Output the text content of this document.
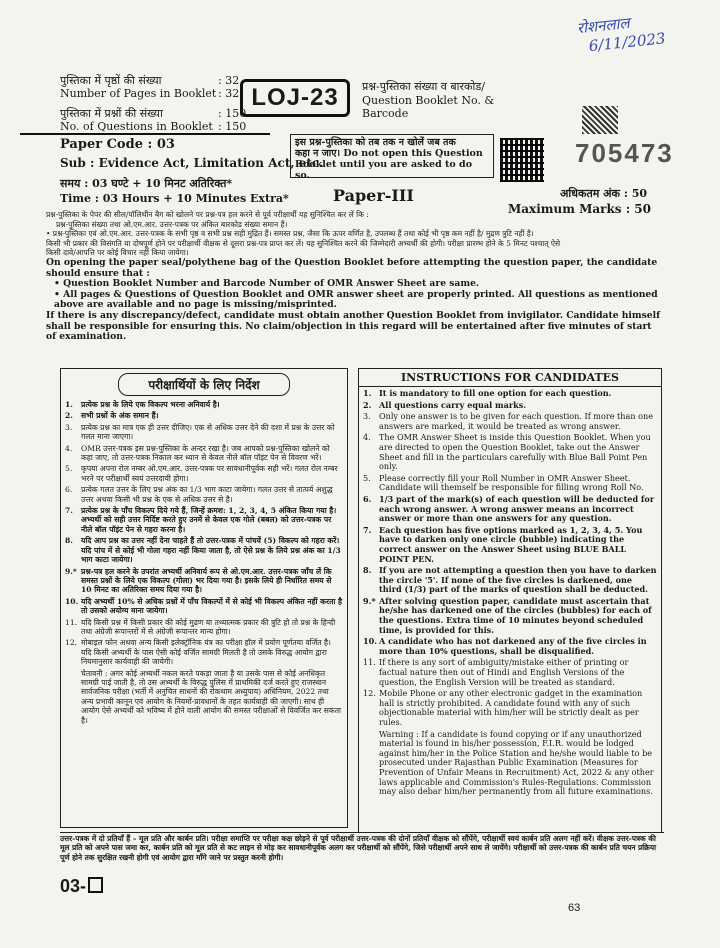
रोशनलाल
6/11/2023
पुस्तिका में पृष्ठों की संख्या	: 32
Number of Pages in Booklet : 32
पुस्तिका में प्रश्नों की संख्या	: 150
No. of Questions in Booklet : 150
LOJ-23	प्रश्न-पुस्तिका संख्या व बारकोड/
Question Booklet No. &
Barcode
Paper Code : 03
Sub : Evidence Act, Limitation Act, etc.
समय : 03 घण्टे + 10 मिनट अतिरिक्त*
Time : 03 Hours + 10 Minutes Extra*
इस प्रश्न-पुस्तिका को तब तक न खोलें जब तक
कहा न जाए। Do not open this Question
Booklet until you are asked to do so.
705473
Paper-III	अधिकतम अंक : 50
Maximum Marks : 50
प्रश्न-पुस्तिका के पेपर की सील/पॉलिथीन बैग को खोलने पर प्रश्न-पत्र हल करने से पूर्व परीक्षार्थी यह सुनिश्चित कर लें कि :
प्रश्न-पुस्तिका संख्या तथा ओ.एम.आर. उत्तर-पत्रक पर अंकित बारकोड संख्या समान हैं।
• प्रश्न-पुस्तिका एवं ओ.एम.आर. उत्तर-पत्रक के सभी पृष्ठ व सभी प्रश्न सही मुद्रित हैं। समस्त प्रश्न, जैसा कि ऊपर वर्णित है, उपलब्ध हैं तथा कोई भी पृष्ठ कम नहीं है/ मुद्रण त्रुटि नहीं है।
किसी भी प्रकार की विसंगति या दोषपूर्ण होने पर परीक्षार्थी वीक्षक से दूसरा प्रश्न-पत्र प्राप्त कर लें। यह सुनिश्चित करने की जिम्मेदारी अभ्यर्थी की होगी। परीक्षा प्रारम्भ होने के 5 मिनट पश्चात् ऐसे
किसी दावे/आपत्ति पर कोई विचार नहीं किया जायेगा।
On opening the paper seal/polythene bag of the Question Booklet before attempting the question paper, the candidate should ensure that :
• Question Booklet Number and Barcode Number of OMR Answer Sheet are same.
• All pages & Questions of Question Booklet and OMR answer sheet are properly printed. All questions as mentioned above are available and no page is missing/misprinted.
If there is any discrepancy/defect, candidate must obtain another Question Booklet from invigilator. Candidate himself shall be responsible for ensuring this. No claim/objection in this regard will be entertained after five minutes of start of examination.
परीक्षार्थियों के लिए निर्देश
1.	प्रत्येक प्रश्न के लिये एक विकल्प भरना अनिवार्य है।
2.	सभी प्रश्नों के अंक समान हैं।
3.	प्रत्येक प्रश्न का मात्र एक ही उत्तर दीजिए। एक से अधिक उत्तर देने की दशा में प्रश्न के उत्तर को गलत माना जाएगा।
4.	OMR उत्तर-पत्रक इस प्रश्न-पुस्तिका के अन्दर रखा है। जब आपको प्रश्न-पुस्तिका खोलने को कहा जाए, तो उत्तर-पत्रक निकाल कर ध्यान से केवल नीले बॉल पॉइंट पेन से विवरण भरें।
5.	कृपया अपना रोल नम्बर ओ.एम.आर. उत्तर-पत्रक पर सावधानीपूर्वक सही भरें। गलत रोल नम्बर भरने पर परीक्षार्थी स्वयं उत्तरदायी होगा।
6.	प्रत्येक गलत उत्तर के लिए प्रश्न अंक का 1/3 भाग काटा जायेगा। गलत उत्तर से तात्पर्य अशुद्ध उत्तर अथवा किसी भी प्रश्न के एक से अधिक उत्तर से है।
7.	प्रत्येक प्रश्न के पाँच विकल्प दिये गये हैं, जिन्हें क्रमश: 1, 2, 3, 4, 5 अंकित किया गया है। अभ्यर्थी को सही उत्तर निर्दिष्ट करते हुए उनमें से केवल एक गोले (बबल) को उत्तर-पत्रक पर नीले बॉल पॉइंट पेन से गहरा करना है।
8.	यदि आप प्रश्न का उत्तर नहीं देना चाहते हैं तो उत्तर-पत्रक में पांचवें (5) विकल्प को गहरा करें। यदि पांच में से कोई भी गोला गहरा नहीं किया जाता है, तो ऐसे प्रश्न के लिये प्रश्न अंक का 1/3 भाग काटा जायेगा।
9.* प्रश्न-पत्र हल करने के उपरांत अभ्यर्थी अनिवार्य रूप से ओ.एम.आर. उत्तर-पत्रक जाँच लें कि समस्त प्रश्नों के लिये एक विकल्प (गोला) भर दिया गया है। इसके लिये ही निर्धारित समय से 10 मिनट का अतिरिक्त समय दिया गया है।
10. यदि अभ्यर्थी 10% से अधिक प्रश्नों में पाँच विकल्पों में से कोई भी विकल्प अंकित नहीं करता है तो उसको अयोग्य माना जायेगा।
11. यदि किसी प्रश्न में किसी प्रकार की कोई मुद्रण या तथ्यात्मक प्रकार की त्रुटि हो तो प्रश्न के हिन्दी तथा अंग्रेजी रूपान्तरों में से अंग्रेजी रूपान्तर मान्य होगा।
12. मोबाइल फोन अथवा अन्य किसी इलेक्ट्रॉनिक यंत्र का परीक्षा हॉल में प्रयोग पूर्णतया वर्जित है। यदि किसी अभ्यर्थी के पास ऐसी कोई वर्जित सामग्री मिलती है तो उसके विरुद्ध आयोग द्वारा नियमानुसार कार्यवाही की जायेगी।
चेतावनी : अगर कोई अभ्यर्थी नकल करते पकड़ा जाता है या उसके पास से कोई अनधिकृत सामग्री पाई जाती है, तो उस अभ्यर्थी के विरुद्ध पुलिस में प्राथमिकी दर्ज करते हुए राजस्थान सार्वजनिक परीक्षा (भर्ती में अनुचित साधनों की रोकथाम अध्युपाय) अधिनियम, 2022 तथा अन्य प्रभावी कानून एवं आयोग के नियमों-प्रावधानों के तहत कार्यवाही की जाएगी। साथ ही आयोग ऐसे अभ्यर्थी को भविष्य में होने वाली आयोग की समस्त परीक्षाओं से विवर्जित कर सकता है।
INSTRUCTIONS FOR CANDIDATES
1. It is mandatory to fill one option for each question.
2. All questions carry equal marks.
3.	Only one answer is to be given for each question. If more than one answers are marked, it would be treated as wrong answer.
4.	The OMR Answer Sheet is inside this Question Booklet. When you are directed to open the Question Booklet, take out the Answer Sheet and fill in the particulars carefully with Blue Ball Point Pen only.
5.	Please correctly fill your Roll Number in OMR Answer Sheet. Candidate will themself be responsible for filling wrong Roll No.
6. 1/3 part of the mark(s) of each question will be deducted for each wrong answer. A wrong answer means an incorrect answer or more than one answers for any question.
7. Each question has five options marked as 1, 2, 3, 4, 5. You have to darken only one circle (bubble) indicating the correct answer on the Answer Sheet using BLUE BALL POINT PEN.
8. If you are not attempting a question then you have to darken the circle '5'. If none of the five circles is darkened, one third (1/3) part of the marks of question shall be deducted.
9.* After solving question paper, candidate must ascertain that he/she has darkened one of the circles (bubbles) for each of the questions. Extra time of 10 minutes beyond scheduled time, is provided for this.
10. A candidate who has not darkened any of the five circles in more than 10% questions, shall be disqualified.
11. If there is any sort of ambiguity/mistake either of printing or factual nature then out of Hindi and English Versions of the question, the English Version will be treated as standard.
12. Mobile Phone or any other electronic gadget in the examination hall is strictly prohibited. A candidate found with any of such objectionable material with him/her will be strictly dealt as per rules.
Warning : If a candidate is found copying or if any unauthorized material is found in his/her possession, F.I.R. would be lodged against him/her in the Police Station and he/she would liable to be prosecuted under Rajasthan Public Examination (Measures for Prevention of Unfair Means in Recruitment) Act, 2022 & any other laws applicable and Commission's Rules-Regulations. Commission may also debar him/her permanently from all future examinations.
उत्तर-पत्रक में दो प्रतियाँ हैं – मूल प्रति और कार्बन प्रति। परीक्षा समाप्ति पर परीक्षा कक्ष छोड़ने से पूर्व परीक्षार्थी उत्तर-पत्रक की दोनों प्रतियाँ वीक्षक को सौंपेंगे, परीक्षार्थी स्वयं कार्बन प्रति अलग नहीं करें। वीक्षक उत्तर-पत्रक की मूल प्रति को अपने पास जमा कर, कार्बन प्रति को मूल प्रति से कट लाइन से मोड़ कर सावधानीपूर्वक अलग कर परीक्षार्थी को सौंपेंगे, जिसे परीक्षार्थी अपने साथ ले जायेंगे। परीक्षार्थी को उत्तर-पत्रक की कार्बन प्रति चयन प्रक्रिया पूर्ण होने तक सुरक्षित रखनी होगी एवं आयोग द्वारा माँगे जाने पर प्रस्तुत करनी होगी।
03-
63
